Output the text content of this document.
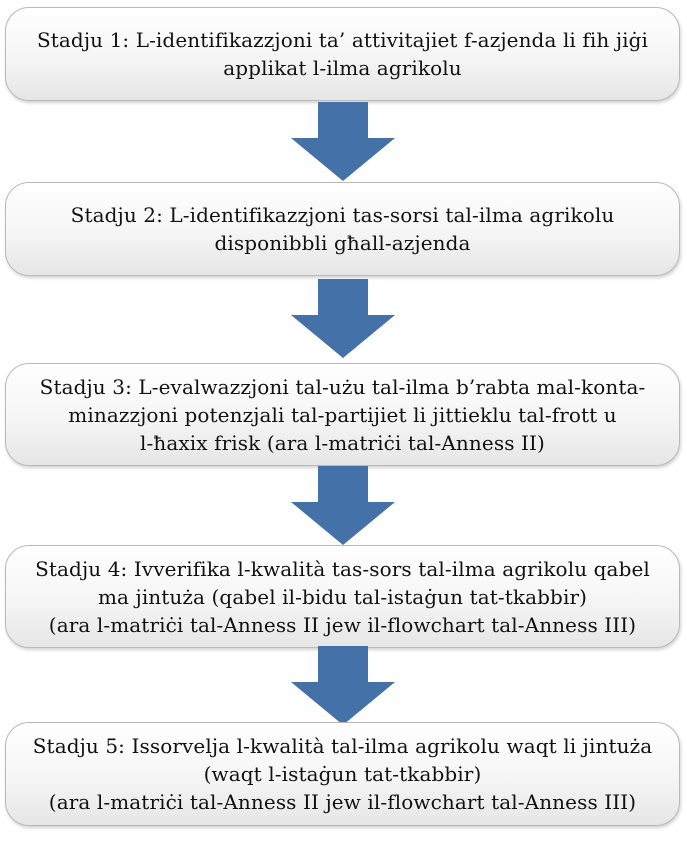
Stadju 1: L-identifikazzjoni ta’ attivitajiet f-azjenda li fih jiġi
applikat l-ilma agrikolu
Stadju 2: L-identifikazzjoni tas-sorsi tal-ilma agrikolu
disponibbli għall-azjenda
Stadju 3: L-evalwazzjoni tal-użu tal-ilma b’rabta mal-konta-
minazzjoni potenzjali tal-partijiet li jittieklu tal-frott u
l-ħaxix frisk (ara l-matriċi tal-Anness II)
Stadju 4: Ivverifika l-kwalità tas-sors tal-ilma agrikolu qabel
ma jintuża (qabel il-bidu tal-istaġun tat-tkabbir)
(ara l-matriċi tal-Anness II jew il-flowchart tal-Anness III)
Stadju 5: Issorvelja l-kwalità tal-ilma agrikolu waqt li jintuża
(waqt l-istaġun tat-tkabbir)
(ara l-matriċi tal-Anness II jew il-flowchart tal-Anness III)
